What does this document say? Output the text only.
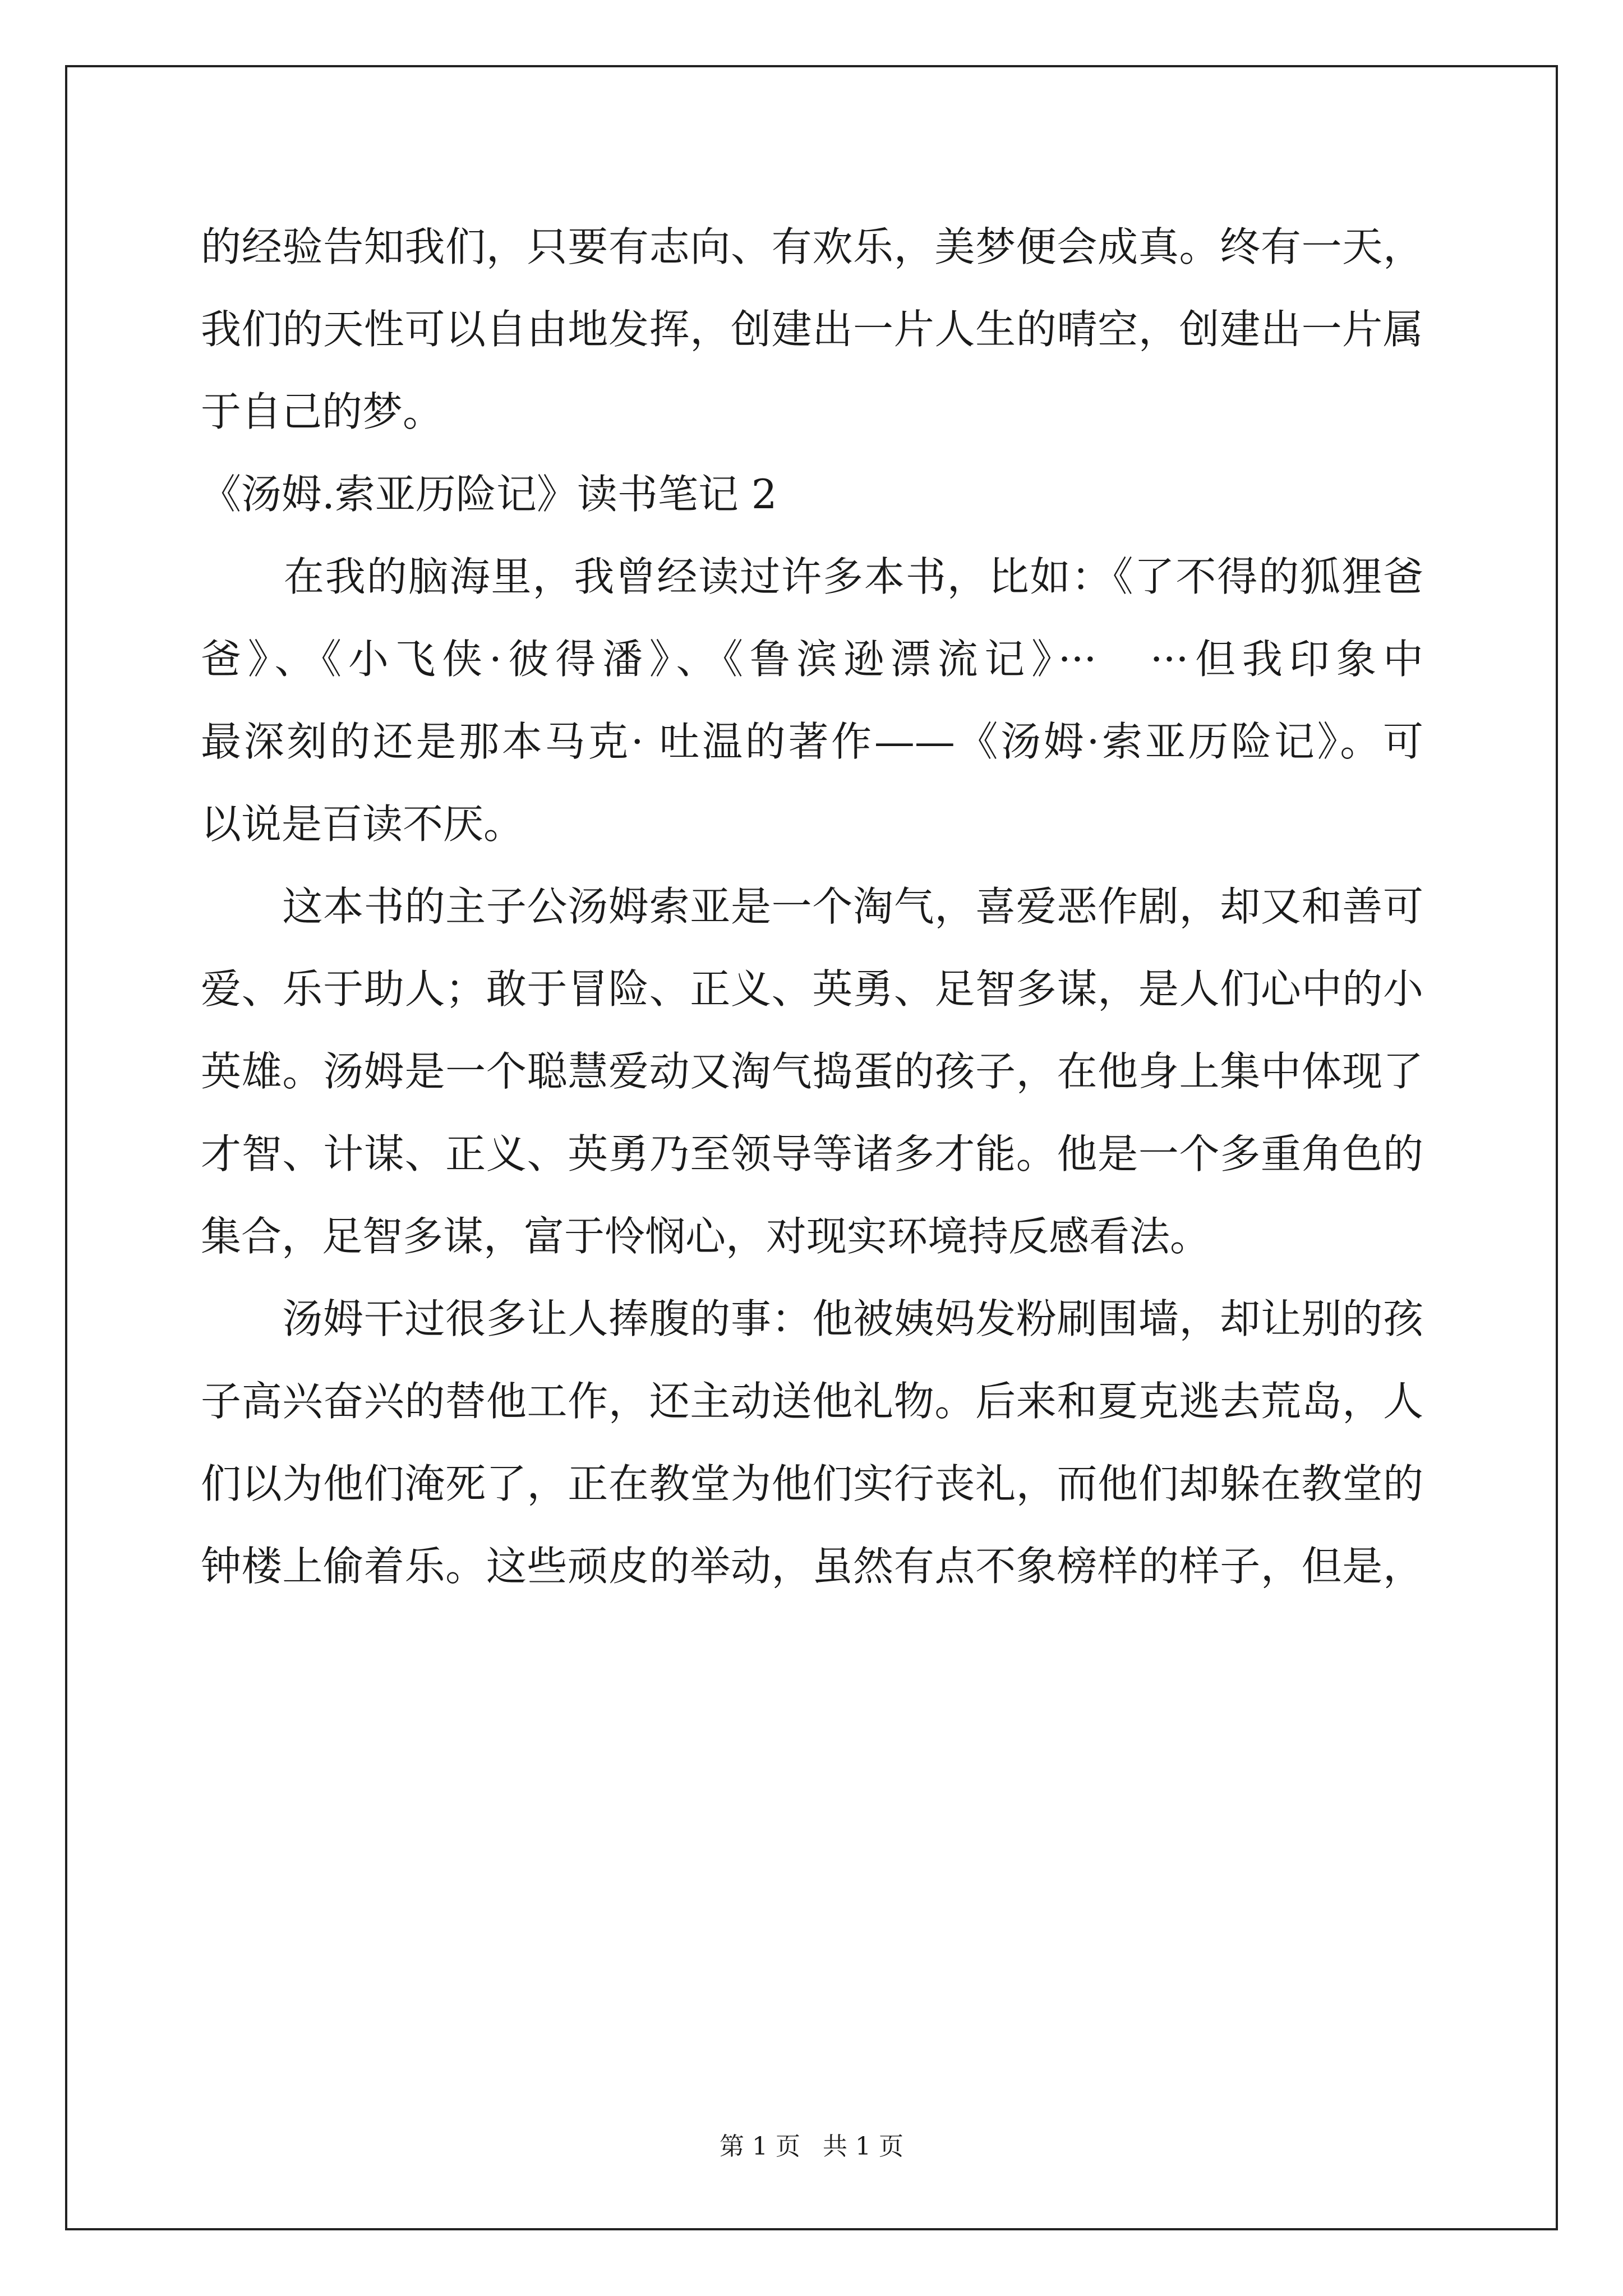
的经验告知我们，只要有志向、有欢乐，美梦便会成真。终有一天，
我们的天性可以自由地发挥，创建出一片人生的晴空，创建出一片属
于自己的梦。
《汤姆.索亚历险记》读书笔记 2
　　在我的脑海里，我曾经读过许多本书，比如：《了不得的狐狸爸
爸》、《小飞侠·彼得潘》、《鲁滨逊漂流记》···　···但我印象中
最深刻的还是那本马克· 吐温的著作——《汤姆·索亚历险记》。可
以说是百读不厌。
　　这本书的主子公汤姆索亚是一个淘气，喜爱恶作剧，却又和善可
爱、乐于助人；敢于冒险、正义、英勇、足智多谋，是人们心中的小
英雄。汤姆是一个聪慧爱动又淘气捣蛋的孩子，在他身上集中体现了
才智、计谋、正义、英勇乃至领导等诸多才能。他是一个多重角色的
集合，足智多谋，富于怜悯心，对现实环境持反感看法。
　　汤姆干过很多让人捧腹的事：他被姨妈发粉刷围墙，却让别的孩
子高兴奋兴的替他工作，还主动送他礼物。后来和夏克逃去荒岛，人
们以为他们淹死了，正在教堂为他们实行丧礼，而他们却躲在教堂的
钟楼上偷着乐。这些顽皮的举动，虽然有点不象榜样的样子，但是，
第 1 页 共 1 页
